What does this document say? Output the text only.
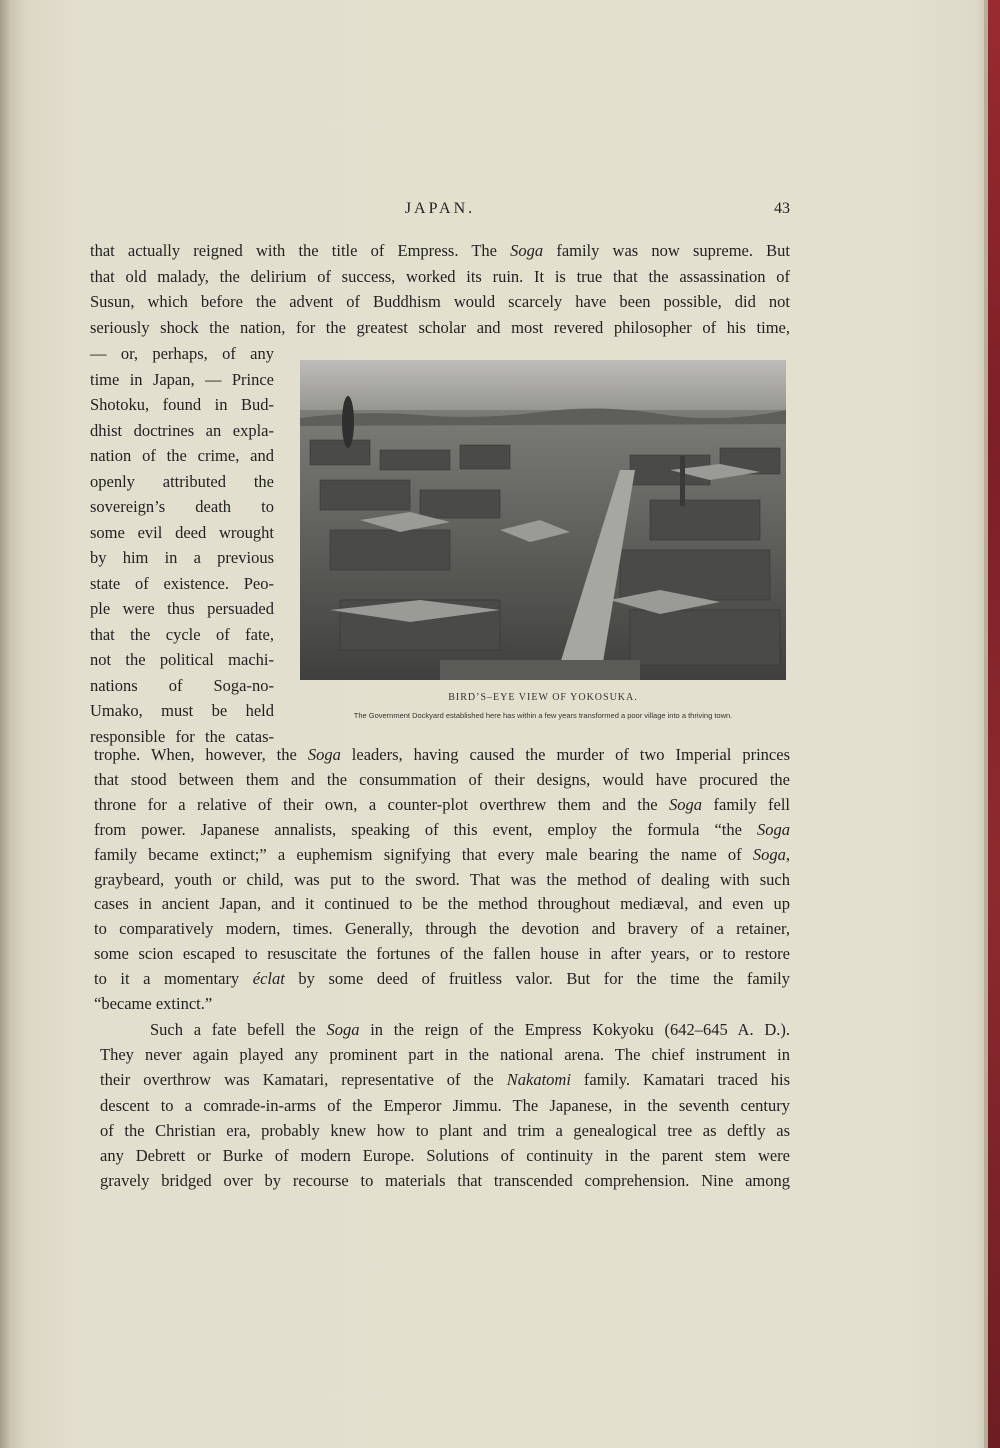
JAPAN.	43
that actually reigned with the title of Empress. The Soga family was now supreme. But
that old malady, the delirium of success, worked its ruin. It is true that the assassination of
Susun, which before the advent of Buddhism would scarcely have been possible, did not
seriously shock the nation, for the greatest scholar and most revered philosopher of his time,
— or, perhaps, of any
time in Japan, — Prince
Shotoku, found in Bud-
dhist doctrines an expla-
nation of the crime, and
openly attributed the
sovereign’s death to
some evil deed wrought
by him in a previous
state of existence. Peo-
ple were thus persuaded
that the cycle of fate,
not the political machi-
nations of Soga-no-
Umako, must be held
responsible for the catas-
trophe. When, however, the Soga leaders, having caused the murder of two Imperial princes
that stood between them and the consummation of their designs, would have procured the
throne for a relative of their own, a counter-plot overthrew them and the Soga family fell
from power. Japanese annalists, speaking of this event, employ the formula “the Soga
family became extinct;” a euphemism signifying that every male bearing the name of Soga,
graybeard, youth or child, was put to the sword. That was the method of dealing with such
cases in ancient Japan, and it continued to be the method throughout mediæval, and even up
to comparatively modern, times. Generally, through the devotion and bravery of a retainer,
some scion escaped to resuscitate the fortunes of the fallen house in after years, or to restore
to it a momentary éclat by some deed of fruitless valor. But for the time the family
“became extinct.”
Such a fate befell the Soga in the reign of the Empress Kokyoku (642–645 A. D.).
They never again played any prominent part in the national arena. The chief instrument in
their overthrow was Kamatari, representative of the Nakatomi family. Kamatari traced his
descent to a comrade-in-arms of the Emperor Jimmu. The Japanese, in the seventh century
of the Christian era, probably knew how to plant and trim a genealogical tree as deftly as
any Debrett or Burke of modern Europe. Solutions of continuity in the parent stem were
gravely bridged over by recourse to materials that transcended comprehension. Nine among
BIRD’S–EYE VIEW OF YOKOSUKA.
The Government Dockyard established here has within a few years transformed a poor village into a thriving town.
